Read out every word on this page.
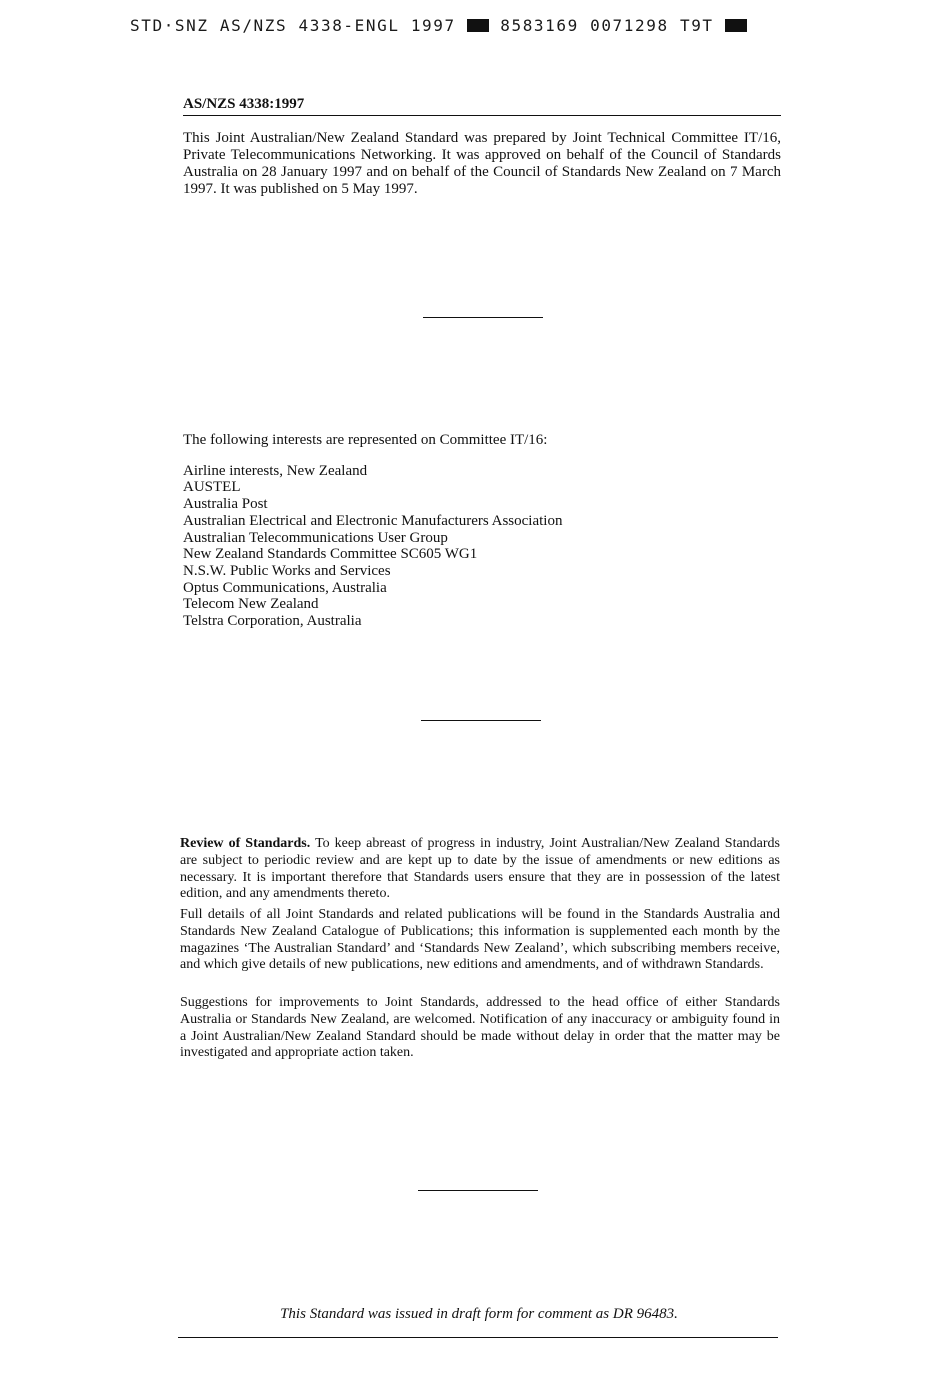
STD·SNZ AS/NZS 4338-ENGL 1997	8583169 0071298 T9T
AS/NZS 4338:1997

This Joint Australian/New Zealand Standard was prepared by Joint Technical Committee IT/16, Private Telecommunications Networking. It was approved on behalf of the Council of Standards Australia on 28 January 1997 and on behalf of the Council of Standards New Zealand on 7 March 1997. It was published on 5 May 1997.

The following interests are represented on Committee IT/16:

Airline interests, New Zealand
AUSTEL
Australia Post
Australian Electrical and Electronic Manufacturers Association
Australian Telecommunications User Group
New Zealand Standards Committee SC605 WG1
N.S.W. Public Works and Services
Optus Communications, Australia
Telecom New Zealand
Telstra Corporation, Australia

Review of Standards. To keep abreast of progress in industry, Joint Australian/New Zealand Standards are subject to periodic review and are kept up to date by the issue of amendments or new editions as necessary. It is important therefore that Standards users ensure that they are in possession of the latest edition, and any amendments thereto.

Full details of all Joint Standards and related publications will be found in the Standards Australia and Standards New Zealand Catalogue of Publications; this information is supplemented each month by the magazines ‘The Australian Standard’ and ‘Standards New Zealand’, which subscribing members receive, and which give details of new publications, new editions and amendments, and of withdrawn Standards.

Suggestions for improvements to Joint Standards, addressed to the head office of either Standards Australia or Standards New Zealand, are welcomed. Notification of any inaccuracy or ambiguity found in a Joint Australian/New Zealand Standard should be made without delay in order that the matter may be investigated and appropriate action taken.

This Standard was issued in draft form for comment as DR 96483.
